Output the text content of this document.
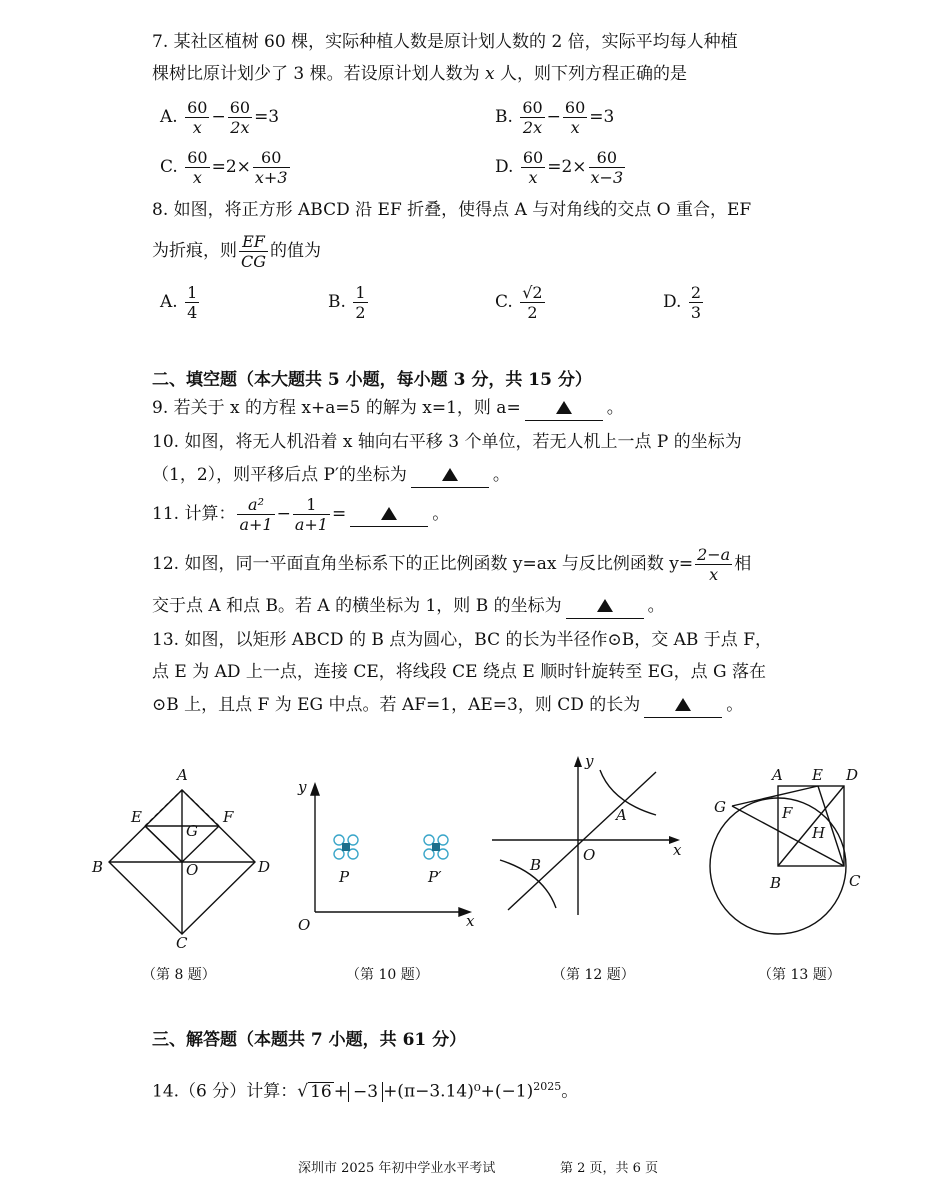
7. 某社区植树 60 棵，实际种植人数是原计划人数的 2 倍，实际平均每人种植
棵树比原计划少了 3 棵。若设原计划人数为 x 人，则下列方程正确的是
A. $\frac{60}{x} - \frac{60}{2x} =3$	B. $\frac{60}{2x} - \frac{60}{x} =3$
C. $\frac{60}{x} =2\times \frac{60}{x+3}$	D. $\frac{60}{x} =2\times \frac{60}{x-3}$
8. 如图，将正方形 ABCD 沿 EF 折叠，使得点 A 与对角线的交点 O 重合，EF
为折痕，则 $\frac{EF}{CG}$ 的值为
A. $\frac{1}{4}$	B. $\frac{1}{2}$	C. $\frac{√2}{2}$	D. $\frac{2}{3}$
二、填空题（本大题共 5 小题，每小题 3 分，共 15 分）
9. 若关于 x 的方程 x+a=5 的解为 x=1，则 a=	。
10. 如图，将无人机沿着 x 轴向右平移 3 个单位，若无人机上一点 P 的坐标为
（1，2），则平移后点 P′的坐标为	。
11. 计算： $\frac{\text{a²}}{a+1} - \frac{1}{a+1}$ =	。
12. 如图，同一平面直角坐标系下的正比例函数 y=ax 与反比例函数 $y= \frac{2-a}{x}$ 相
交于点 A 和点 B。若 A 的横坐标为 1，则 B 的坐标为	。
13. 如图，以矩形 ABCD 的 B 点为圆心，BC 的长为半径作⊙B，交 AB 于点 F，
点 E 为 AD 上一点，连接 CE，将线段 CE 绕点 E 顺时针旋转至 EG，点 G 落在
⊙B 上，且点 F 为 EG 中点。若 AF=1，AE=3，则 CD 的长为	。
A
B
C
D
E	F
G
O
y
x
O
P	P′
y
x
O
A
B
A E D
G	F
H
B	C
（第 8 题）	（第 10 题）	（第 12 题）	（第 13 题）
三、解答题（本题共 7 小题，共 61 分）
14.（6 分）计算：√ $16 + -3 +(\pi-3.14)^0+(-1)^{2025}$。
深圳市 2025 年初中学业水平考试	第 2 页，共 6 页
